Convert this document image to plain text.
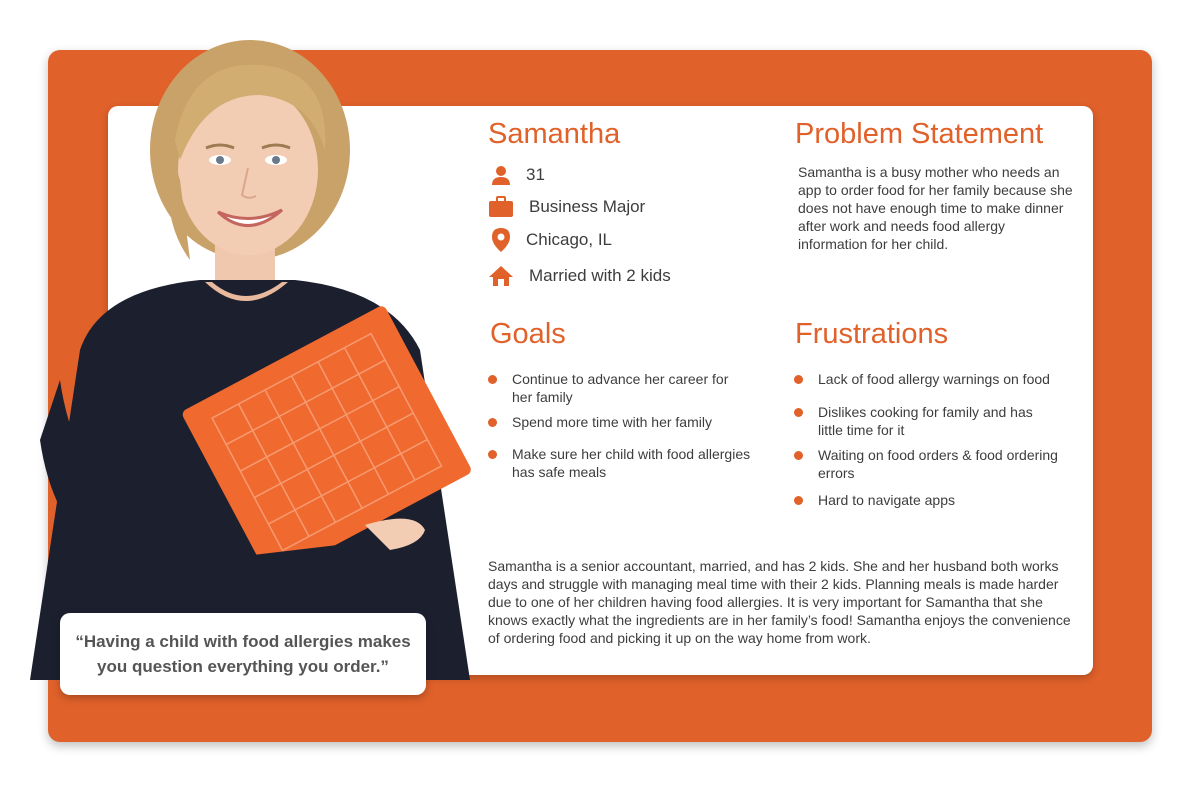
Samantha
31
Business Major
Chicago, IL
Married with 2 kids
Problem Statement
Samantha is a busy mother who needs an app to order food for her family because she does not have enough time to make dinner after work and needs food allergy information for her child.
Goals
Continue to advance her career for her family
Spend more time with her family
Make sure her child with food allergies has safe meals
Frustrations
Lack of food allergy warnings on food
Dislikes cooking for family and has little time for it
Waiting on food orders & food ordering errors
Hard to navigate apps
Samantha is a senior accountant, married, and has 2 kids. She and her husband both works days and struggle with managing meal time with their 2 kids. Planning meals is made harder due to one of her children having food allergies. It is very important for Samantha that she knows exactly what the ingredients are in her family’s food! Samantha enjoys the convenience of ordering food and picking it up on the way home from work.
“Having a child with food allergies makes you question everything you order.”
